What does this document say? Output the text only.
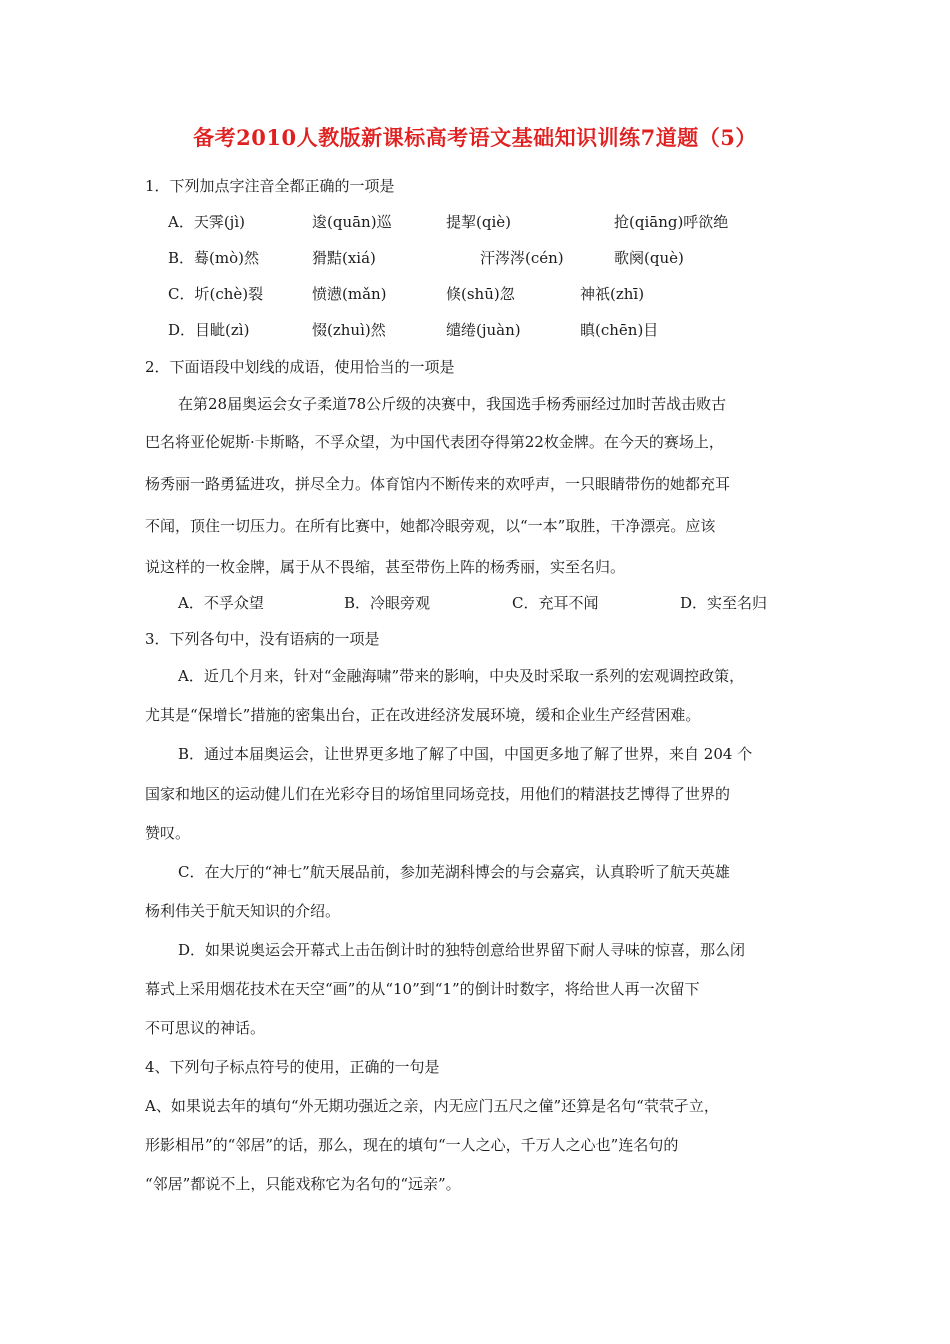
备考2010人教版新课标高考语文基础知识训练7道题（5）
1．下列加点字注音全都正确的一项是
A．天霁(jì)	逡(quān)巡	提挈(qiè)	抢(qiāng)呼欲绝
B．蓦(mò)然	猾黠(xiá)	汗涔涔(cén)	歌阕(què)
C．圻(chè)裂	愤懑(mǎn)	倏(shū)忽	神祇(zhī)
D．目眦(zì)	惙(zhuì)然	缱绻(juàn)	瞋(chēn)目
2．下面语段中划线的成语，使用恰当的一项是
在第28届奥运会女子柔道78公斤级的决赛中，我国选手杨秀丽经过加时苦战击败古
巴名将亚伦妮斯·卡斯略，不孚众望，为中国代表团夺得第22枚金牌。在今天的赛场上，
杨秀丽一路勇猛进攻，拼尽全力。体育馆内不断传来的欢呼声，一只眼睛带伤的她都充耳
不闻，顶住一切压力。在所有比赛中，她都冷眼旁观，以“一本”取胜，干净漂亮。应该
说这样的一枚金牌，属于从不畏缩，甚至带伤上阵的杨秀丽，实至名归。
A．不孚众望	B．冷眼旁观	C．充耳不闻	D．实至名归
3．下列各句中，没有语病的一项是
A．近几个月来，针对“金融海啸”带来的影响，中央及时采取一系列的宏观调控政策，
尤其是“保增长”措施的密集出台，正在改进经济发展环境，缓和企业生产经营困难。
B．通过本届奥运会，让世界更多地了解了中国，中国更多地了解了世界，来自 204 个
国家和地区的运动健儿们在光彩夺目的场馆里同场竞技，用他们的精湛技艺博得了世界的
赞叹。
C．在大厅的“神七”航天展品前，参加芜湖科博会的与会嘉宾，认真聆听了航天英雄
杨利伟关于航天知识的介绍。
D．如果说奥运会开幕式上击缶倒计时的独特创意给世界留下耐人寻味的惊喜，那么闭
幕式上采用烟花技术在天空“画”的从“10”到“1”的倒计时数字，将给世人再一次留下
不可思议的神话。
4、下列句子标点符号的使用，正确的一句是
A、如果说去年的填句“外无期功强近之亲，内无应门五尺之僮”还算是名句“茕茕孑立，
形影相吊”的“邻居”的话，那么，现在的填句“一人之心，千万人之心也”连名句的
“邻居”都说不上，只能戏称它为名句的“远亲”。
